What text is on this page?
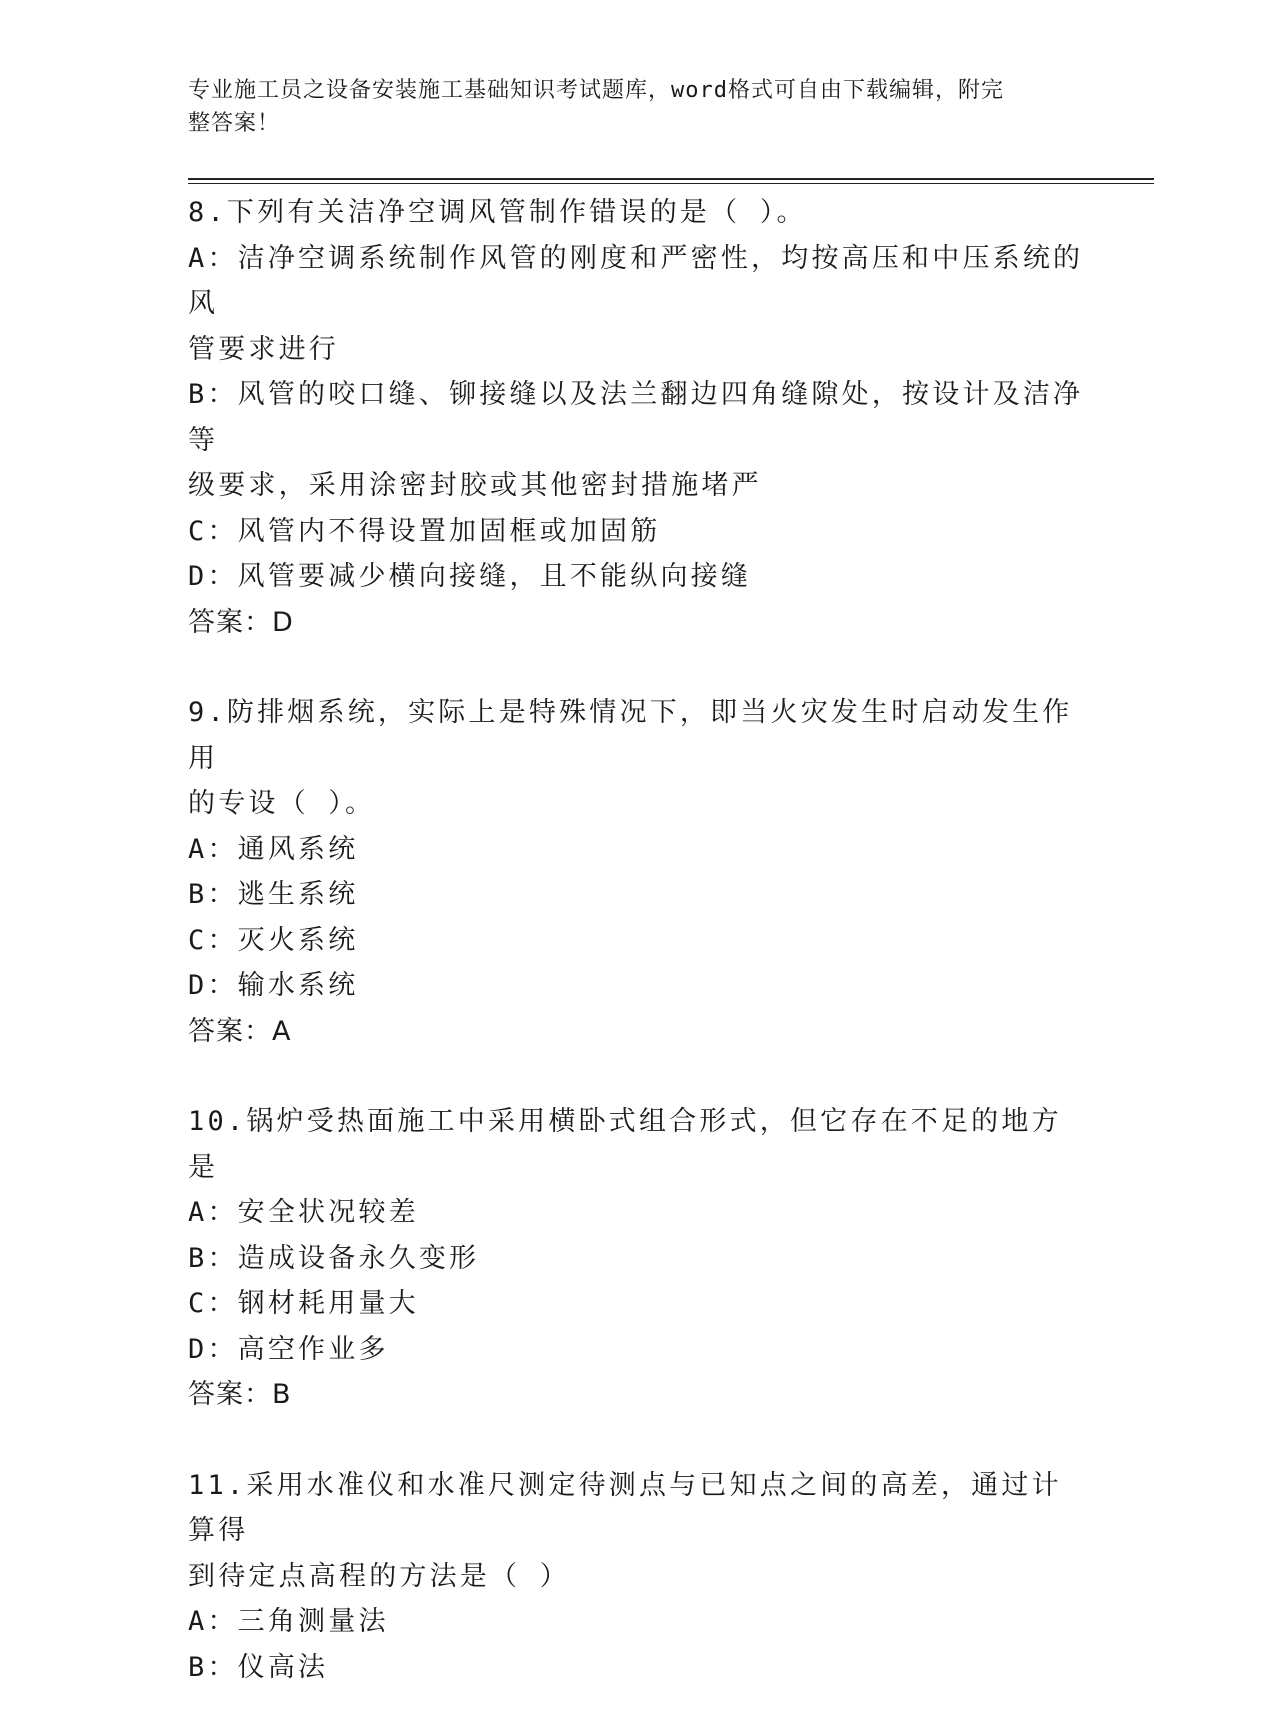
专业施工员之设备安装施工基础知识考试题库，word格式可自由下载编辑，附完
整答案！
8.下列有关洁净空调风管制作错误的是（ ）。
A：洁净空调系统制作风管的刚度和严密性，均按高压和中压系统的风
管要求进行
B：风管的咬口缝、铆接缝以及法兰翻边四角缝隙处，按设计及洁净等
级要求，采用涂密封胶或其他密封措施堵严
C：风管内不得设置加固框或加固筋
D：风管要减少横向接缝，且不能纵向接缝
答案：D
9.防排烟系统，实际上是特殊情况下，即当火灾发生时启动发生作用
的专设（ ）。
A：通风系统
B：逃生系统
C：灭火系统
D：输水系统
答案：A
10.锅炉受热面施工中采用横卧式组合形式，但它存在不足的地方是
A：安全状况较差
B：造成设备永久变形
C：钢材耗用量大
D：高空作业多
答案：B
11.采用水准仪和水准尺测定待测点与已知点之间的高差，通过计算得
到待定点高程的方法是（ ）
A：三角测量法
B：仪高法
